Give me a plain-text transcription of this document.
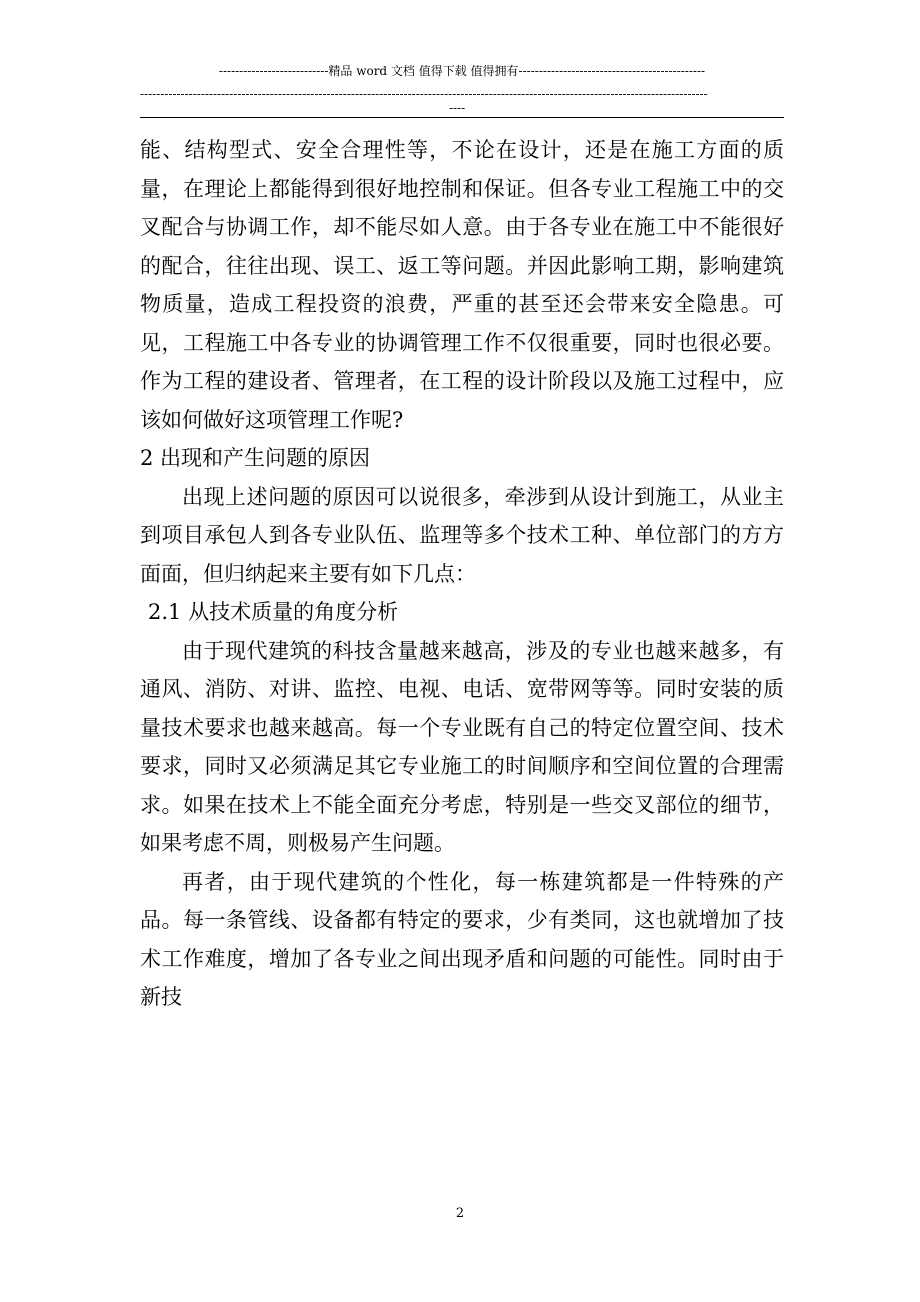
---------------------------精品 word 文档 值得下载 值得拥有----------------------------------------------
--------------------------------------------------------------------------------------------------------------------------------------------
----

能、结构型式、安全合理性等，不论在设计，还是在施工方面的质量，在理论上都能得到很好地控制和保证。但各专业工程施工中的交叉配合与协调工作，却不能尽如人意。由于各专业在施工中不能很好的配合，往往出现、误工、返工等问题。并因此影响工期，影响建筑物质量，造成工程投资的浪费，严重的甚至还会带来安全隐患。可见，工程施工中各专业的协调管理工作不仅很重要，同时也很必要。作为工程的建设者、管理者，在工程的设计阶段以及施工过程中，应该如何做好这项管理工作呢?

2 出现和产生问题的原因

出现上述问题的原因可以说很多，牵涉到从设计到施工，从业主到项目承包人到各专业队伍、监理等多个技术工种、单位部门的方方面面，但归纳起来主要有如下几点：

2.1 从技术质量的角度分析

由于现代建筑的科技含量越来越高，涉及的专业也越来越多，有通风、消防、对讲、监控、电视、电话、宽带网等等。同时安装的质量技术要求也越来越高。每一个专业既有自己的特定位置空间、技术要求，同时又必须满足其它专业施工的时间顺序和空间位置的合理需求。如果在技术上不能全面充分考虑，特别是一些交叉部位的细节，如果考虑不周，则极易产生问题。

再者，由于现代建筑的个性化，每一栋建筑都是一件特殊的产品。每一条管线、设备都有特定的要求，少有类同，这也就增加了技术工作难度，增加了各专业之间出现矛盾和问题的可能性。同时由于新技

2
